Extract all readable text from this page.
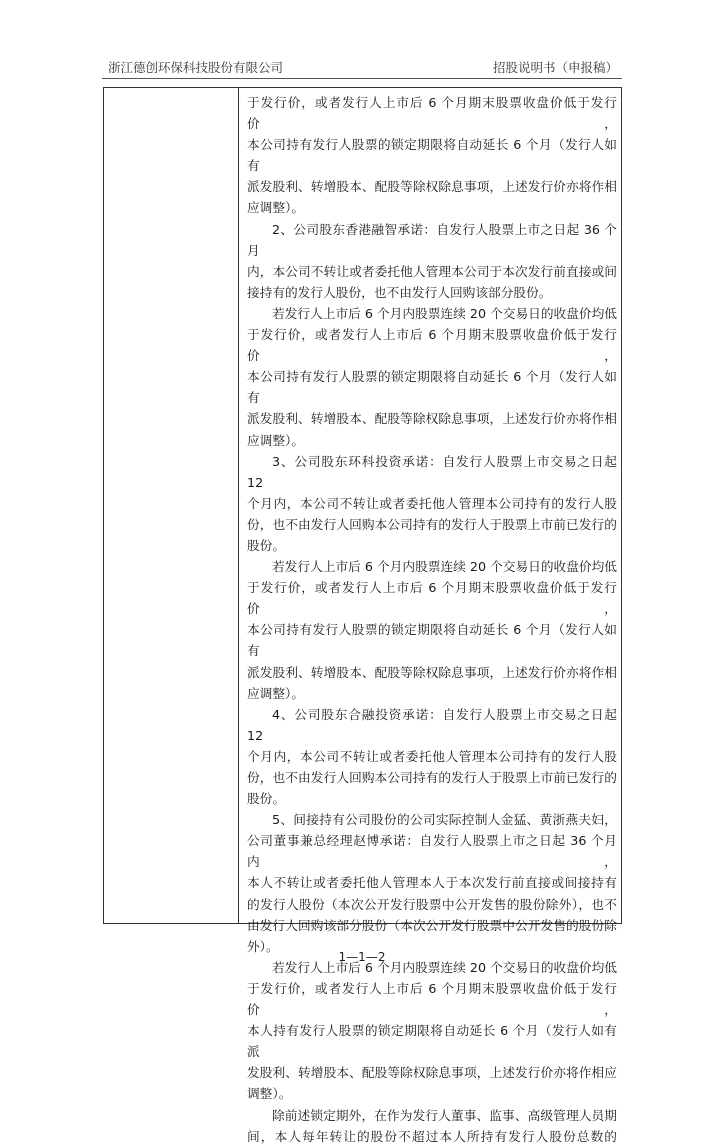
浙江德创环保科技股份有限公司	招股说明书（申报稿）

于发行价，或者发行人上市后 6 个月期末股票收盘价低于发行价，

本公司持有发行人股票的锁定期限将自动延长 6 个月（发行人如有

派发股利、转增股本、配股等除权除息事项，上述发行价亦将作相

应调整）。

2、公司股东香港融智承诺：自发行人股票上市之日起 36 个月

内，本公司不转让或者委托他人管理本公司于本次发行前直接或间

接持有的发行人股份，也不由发行人回购该部分股份。

若发行人上市后 6 个月内股票连续 20 个交易日的收盘价均低

于发行价，或者发行人上市后 6 个月期末股票收盘价低于发行价，

本公司持有发行人股票的锁定期限将自动延长 6 个月（发行人如有

派发股利、转增股本、配股等除权除息事项，上述发行价亦将作相

应调整）。

3、公司股东环科投资承诺：自发行人股票上市交易之日起 12

个月内，本公司不转让或者委托他人管理本公司持有的发行人股

份，也不由发行人回购本公司持有的发行人于股票上市前已发行的

股份。

若发行人上市后 6 个月内股票连续 20 个交易日的收盘价均低

于发行价，或者发行人上市后 6 个月期末股票收盘价低于发行价，

本公司持有发行人股票的锁定期限将自动延长 6 个月（发行人如有

派发股利、转增股本、配股等除权除息事项，上述发行价亦将作相

应调整）。

4、公司股东合融投资承诺：自发行人股票上市交易之日起 12

个月内，本公司不转让或者委托他人管理本公司持有的发行人股

份，也不由发行人回购本公司持有的发行人于股票上市前已发行的

股份。

5、间接持有公司股份的公司实际控制人金猛、黄浙燕夫妇，

公司董事兼总经理赵博承诺：自发行人股票上市之日起 36 个月内，

本人不转让或者委托他人管理本人于本次发行前直接或间接持有

的发行人股份（本次公开发行股票中公开发售的股份除外），也不

由发行人回购该部分股份（本次公开发行股票中公开发售的股份除

外）。

若发行人上市后 6 个月内股票连续 20 个交易日的收盘价均低

于发行价，或者发行人上市后 6 个月期末股票收盘价低于发行价，

本人持有发行人股票的锁定期限将自动延长 6 个月（发行人如有派

发股利、转增股本、配股等除权除息事项，上述发行价亦将作相应

调整）。

除前述锁定期外，在作为发行人董事、监事、高级管理人员期

间，本人每年转让的股份不超过本人所持有发行人股份总数的

1—1—2
